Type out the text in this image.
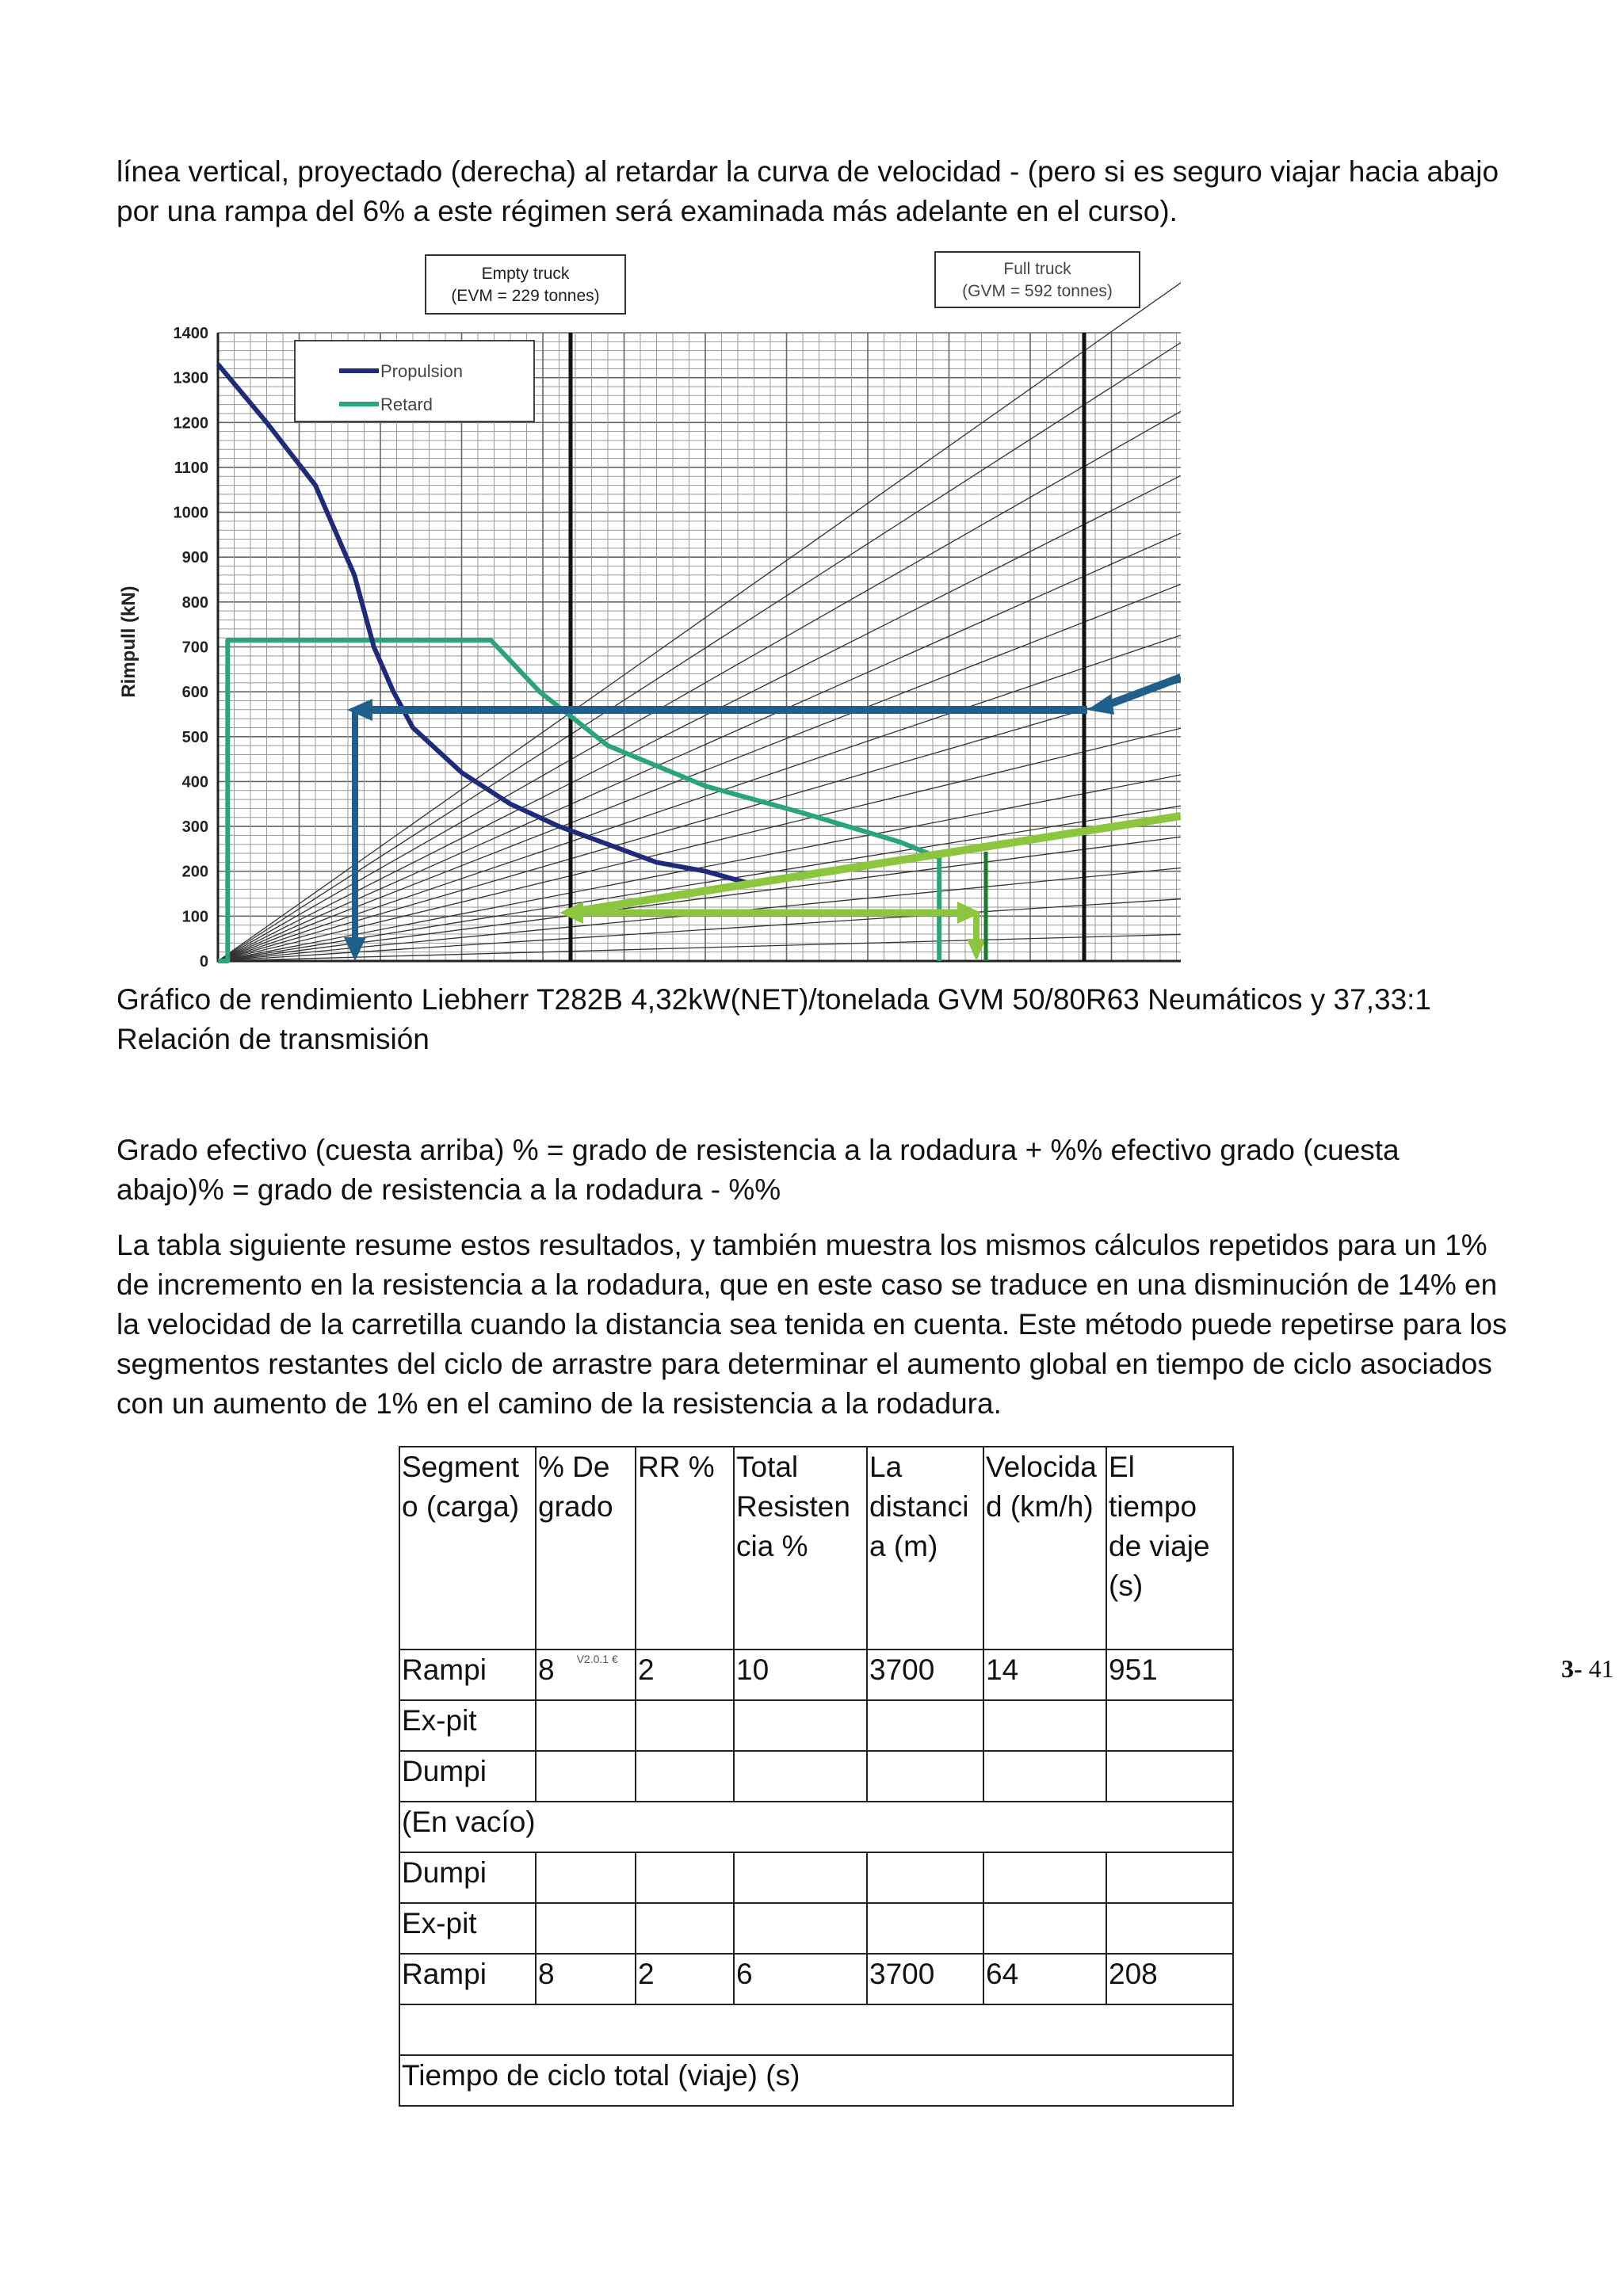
línea vertical, proyectado (derecha) al retardar la curva de velocidad - (pero si es seguro viajar hacia abajo por una rampa del 6% a este régimen será examinada más adelante en el curso).

0
100
200
300
400
500
600
700
800
900
1000
1100
1200
1300
1400
Rimpull (kN)
Empty truck
(EVM = 229 tonnes)
Full truck
(GVM = 592 tonnes)
Propulsion
Retard

Gráfico de rendimiento Liebherr T282B 4,32kW(NET)/tonelada GVM 50/80R63 Neumáticos y 37,33:1 Relación de transmisión

Grado efectivo (cuesta arriba) % = grado de resistencia a la rodadura + %% efectivo grado (cuesta abajo)% = grado de resistencia a la rodadura - %%

La tabla siguiente resume estos resultados, y también muestra los mismos cálculos repetidos para un 1% de incremento en la resistencia a la rodadura, que en este caso se traduce en una disminución de 14% en la velocidad de la carretilla cuando la distancia sea tenida en cuenta. Este método puede repetirse para los segmentos restantes del ciclo de arrastre para determinar el aumento global en tiempo de ciclo asociados con un aumento de 1% en el camino de la resistencia a la rodadura.

3- 41
Segment o (carga)	% De grado	RR %	Total Resisten cia %	La distanci a (m)	Velocida d (km/h)	El tiempo de viaje (s)
Rampi	8 V2.0.1 €	2	10	3700	14	951
Ex-pit						
Dumpi						
(En vacío)						
Dumpi						
Ex-pit						
Rampi	8	2	6	3700	64	208

Tiempo de ciclo total (viaje) (s)						
